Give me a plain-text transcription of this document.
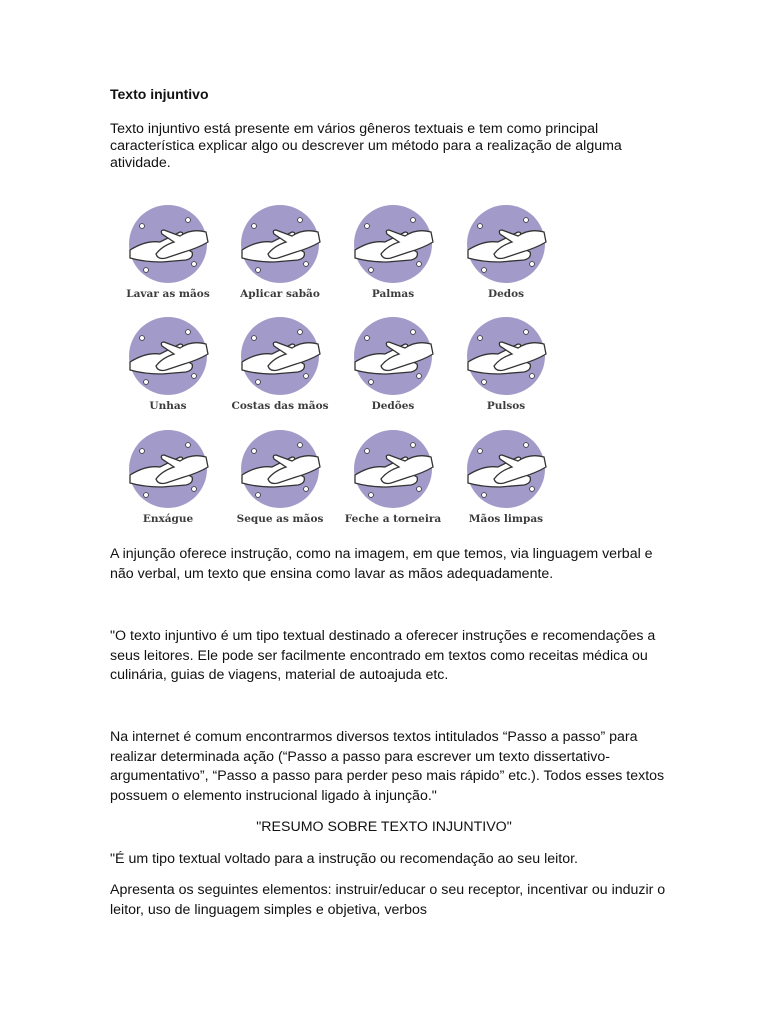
Texto injuntivo

Texto injuntivo está presente em vários gêneros textuais e tem como principal característica explicar algo ou descrever um método para a realização de alguma atividade.

Lavar as mãos	Aplicar sabão	Palmas	Dedos
Unhas	Costas das mãos	Dedões	Pulsos
Enxágue	Seque as mãos	Feche a torneira	Mãos limpas

A injunção oferece instrução, como na imagem, em que temos, via linguagem verbal e não verbal, um texto que ensina como lavar as mãos adequadamente.

"O texto injuntivo é um tipo textual destinado a oferecer instruções e recomendações a seus leitores. Ele pode ser facilmente encontrado em textos como receitas médica ou culinária, guias de viagens, material de autoajuda etc.

Na internet é comum encontrarmos diversos textos intitulados “Passo a passo” para realizar determinada ação (“Passo a passo para escrever um texto dissertativo-argumentativo”, “Passo a passo para perder peso mais rápido” etc.). Todos esses textos possuem o elemento instrucional ligado à injunção."

"RESUMO SOBRE TEXTO INJUNTIVO"

"É um tipo textual voltado para a instrução ou recomendação ao seu leitor.

Apresenta os seguintes elementos: instruir/educar o seu receptor, incentivar ou induzir o leitor, uso de linguagem simples e objetiva, verbos
